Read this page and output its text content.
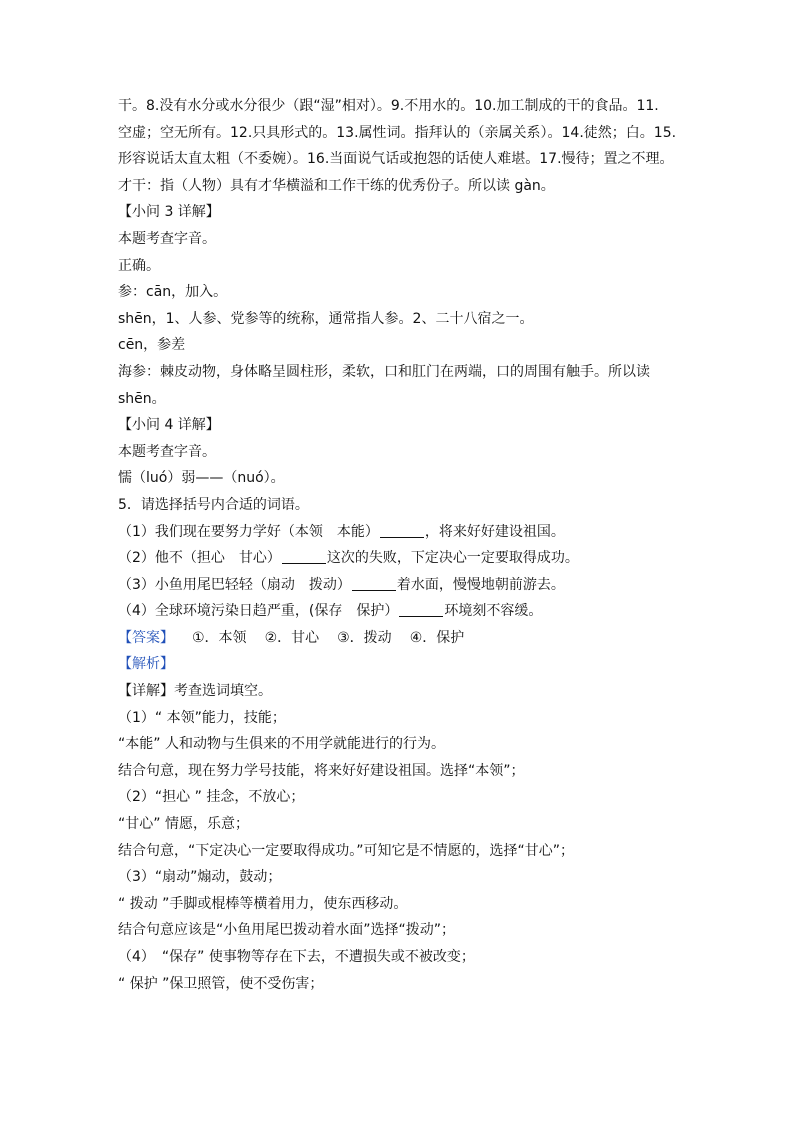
干。8.没有水分或水分很少（跟“湿”相对）。9.不用水的。10.加工制成的干的食品。11.
空虚；空无所有。12.只具形式的。13.属性词。指拜认的（亲属关系）。14.徒然；白。15.
形容说话太直太粗（不委婉）。16.当面说气话或抱怨的话使人难堪。17.慢待；置之不理。
才干：指（人物）具有才华横溢和工作干练的优秀份子。所以读 gàn。
【小问 3 详解】
本题考查字音。
正确。
参：cān，加入。
shēn，1、人参、党参等的统称，通常指人参。2、二十八宿之一。
cēn，参差
海参：棘皮动物，身体略呈圆柱形，柔软，口和肛门在两端，口的周围有触手。所以读
shēn。
【小问 4 详解】
本题考查字音。
懦（luó）弱——（nuó）。
5．请选择括号内合适的词语。
（1）我们现在要努力学好（本领　本能）	，将来好好建设祖国。
（2）他不（担心　甘心）	这次的失败，下定决心一定要取得成功。
（3）小鱼用尾巴轻轻（扇动　拨动）	着水面，慢慢地朝前游去。
（4）全球环境污染日趋严重，(保存　保护）	环境刻不容缓。
【答案】 ①．本领 ②．甘心 ③．拨动 ④．保护
【解析】
【详解】考查选词填空。
（1）“ 本领”能力，技能；
“本能” 人和动物与生俱来的不用学就能进行的行为。
结合句意，现在努力学号技能，将来好好建设祖国。选择“本领”；
（2）“担心 ” 挂念，不放心；
“甘心” 情愿，乐意；
结合句意，“下定决心一定要取得成功。”可知它是不情愿的，选择“甘心”；
（3）“扇动”煽动，鼓动；
“ 拨动 ”手脚或棍棒等横着用力，使东西移动。
结合句意应该是“小鱼用尾巴拨动着水面”选择“拨动”；
（4）　“保存” 使事物等存在下去，不遭损失或不被改变；
“ 保护 ”保卫照管，使不受伤害；
